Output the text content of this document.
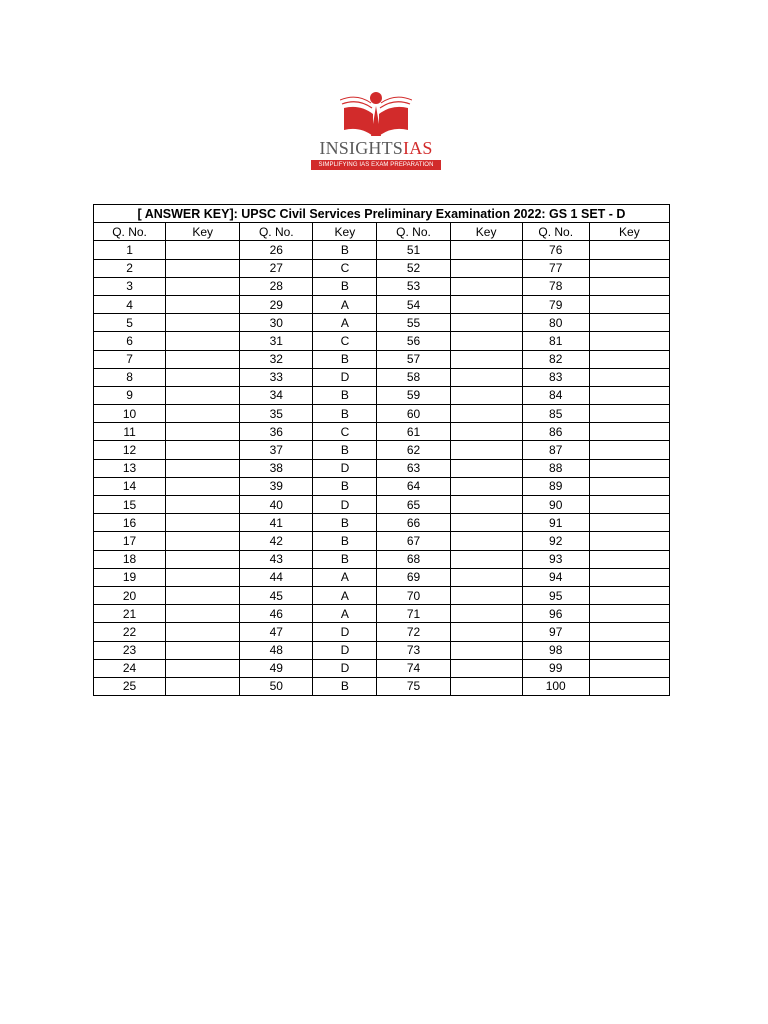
INSIGHTSIAS
SIMPLIFYING IAS EXAM PREPARATION
[ ANSWER KEY]: UPSC Civil Services Preliminary Examination 2022: GS 1 SET - D							
Q. No.	Key	Q. No.	Key	Q. No.	Key	Q. No.	Key
1		26	B	51		76	
2		27	C	52		77	
3		28	B	53		78	
4		29	A	54		79	
5		30	A	55		80	
6		31	C	56		81	
7		32	B	57		82	
8		33	D	58		83	
9		34	B	59		84	
10		35	B	60		85	
11		36	C	61		86	
12		37	B	62		87	
13		38	D	63		88	
14		39	B	64		89	
15		40	D	65		90	
16		41	B	66		91	
17		42	B	67		92	
18		43	B	68		93	
19		44	A	69		94	
20		45	A	70		95	
21		46	A	71		96	
22		47	D	72		97	
23		48	D	73		98	
24		49	D	74		99	
25		50	B	75		100	
